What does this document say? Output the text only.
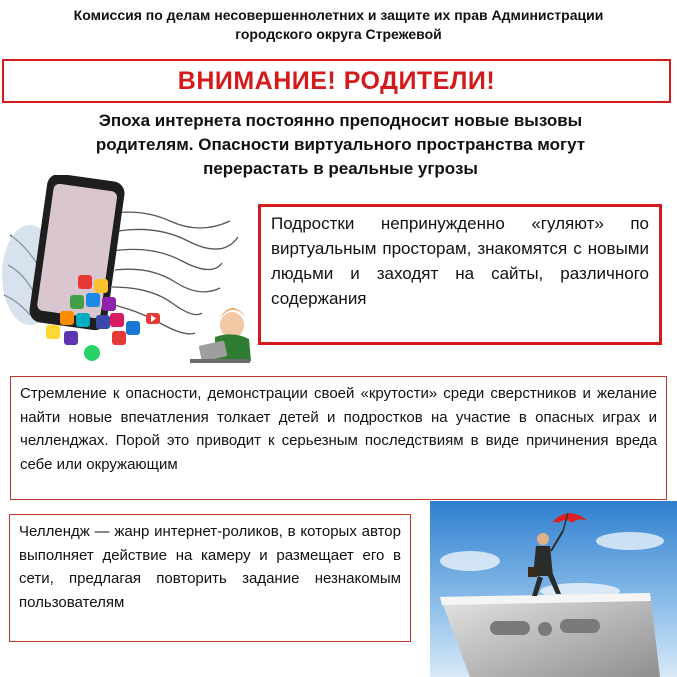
Комиссия по делам несовершеннолетних и защите их прав Администрации
городского округа Стрежевой
ВНИМАНИЕ! РОДИТЕЛИ!
Эпоха интернета постоянно преподносит новые вызовы
родителям. Опасности виртуального пространства могут
перерастать в реальные угрозы
Подростки непринужденно «гуляют» по виртуальным просторам, знакомятся с новыми людьми и заходят на сайты, различного содержания
Стремление к опасности, демонстрации своей «крутости» среди сверстников и желание найти новые впечатления толкает детей и подростков на участие в опасных играх и челленджах. Порой это приводит к серьезным последствиям в виде причинения вреда себе или окружающим
Челлендж — жанр интернет-роликов, в которых автор выполняет действие на камеру и размещает его в сети, предлагая повторить задание незнакомым пользователям
